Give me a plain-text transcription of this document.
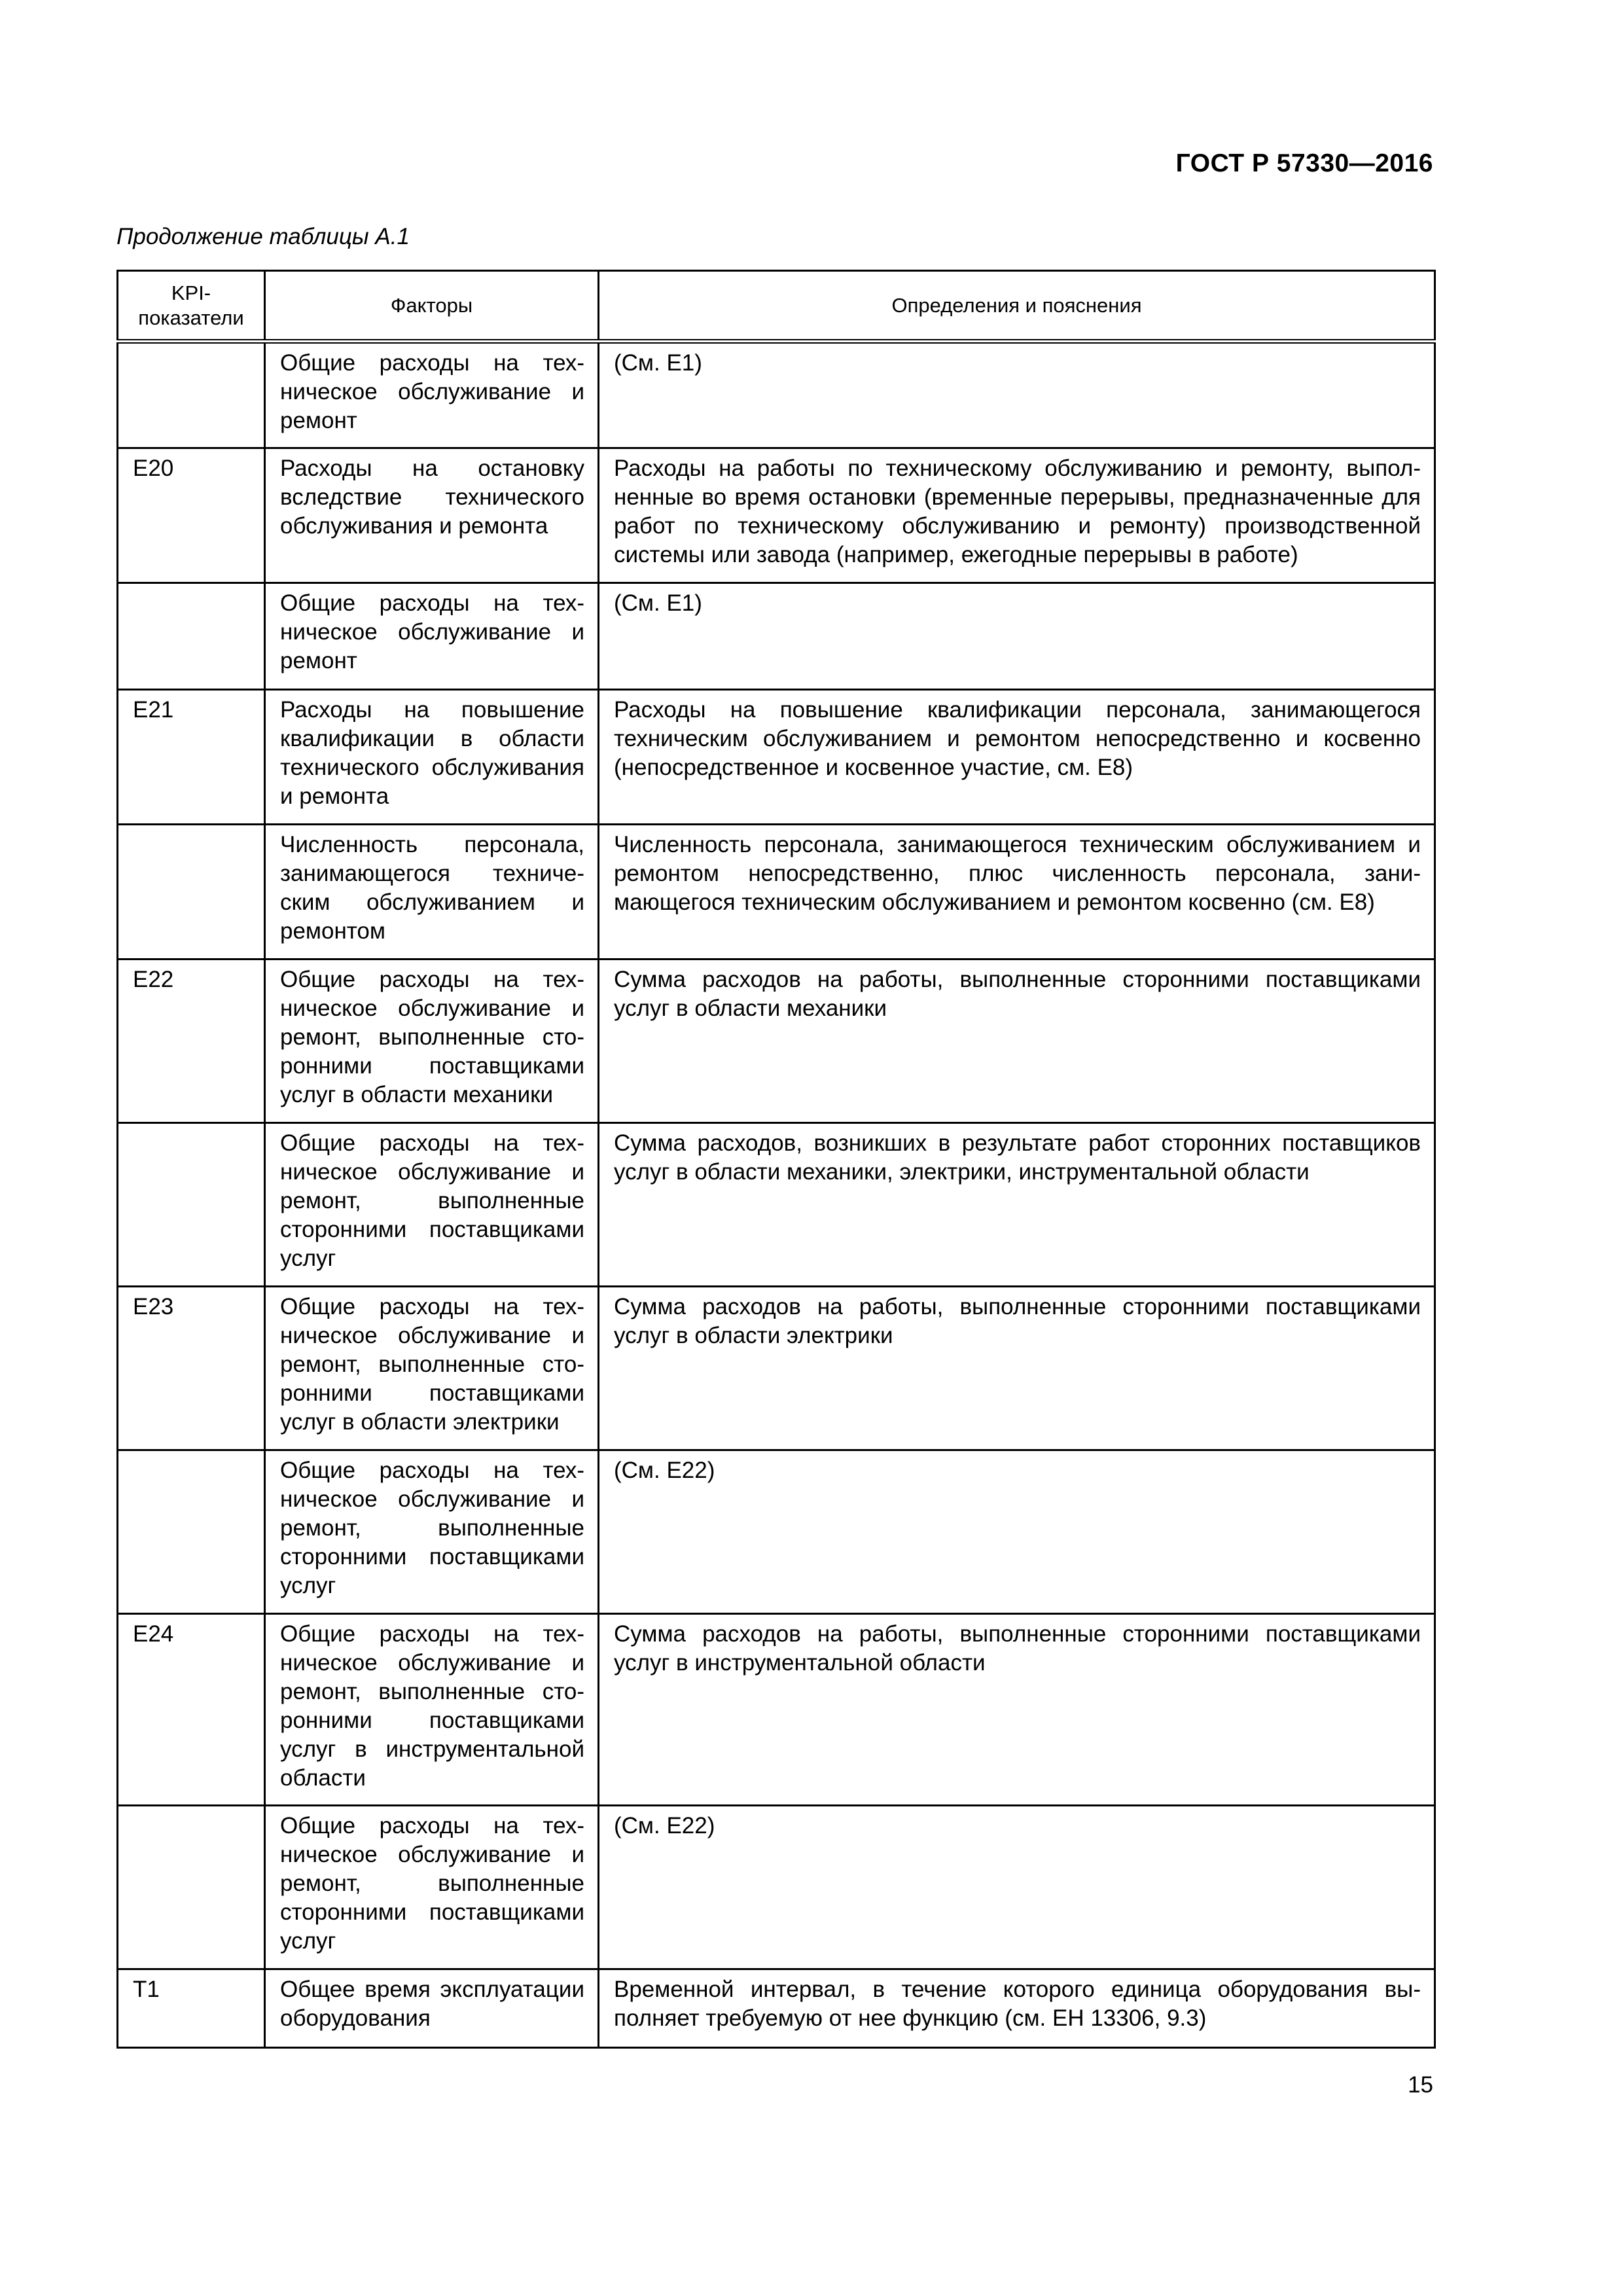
ГОСТ Р 57330—2016
Продолжение таблицы А.1
KPI-показатели	Факторы	Определения и пояснения
	Общие расходы на техническое обслуживание и ремонт	(См. Е1)
Е20	Расходы на остановку вследствие технического обслуживания и ремонта	Расходы на работы по техническому обслуживанию и ремонту, выполненные во время остановки (временные перерывы, предназначенные для работ по техническому обслуживанию и ремонту) производственной системы или завода (например, ежегодные перерывы в работе)
	Общие расходы на техническое обслуживание и ремонт	(См. Е1)
Е21	Расходы на повышение квалификации в области технического обслуживания и ремонта	Расходы на повышение квалификации персонала, занимающегося техническим обслуживанием и ремонтом непосредственно и косвенно (непосредственное и косвенное участие, см. Е8)
	Численность персонала, занимающегося техническим обслуживанием и ремонтом	Численность персонала, занимающегося техническим обслуживанием и ремонтом непосредственно, плюс численность персонала, занимающегося техническим обслуживанием и ремонтом косвенно (см. Е8)
Е22	Общие расходы на техническое обслуживание и ремонт, выполненные сторонними поставщиками услуг в области механики	Сумма расходов на работы, выполненные сторонними поставщиками услуг в области механики
	Общие расходы на техническое обслуживание и ремонт, выполненные сторонними поставщиками услуг	Сумма расходов, возникших в результате работ сторонних поставщиков услуг в области механики, электрики, инструментальной области
Е23	Общие расходы на техническое обслуживание и ремонт, выполненные сторонними поставщиками услуг в области электрики	Сумма расходов на работы, выполненные сторонними поставщиками услуг в области электрики
	Общие расходы на техническое обслуживание и ремонт, выполненные сторонними поставщиками услуг	(См. Е22)
Е24	Общие расходы на техническое обслуживание и ремонт, выполненные сторонними поставщиками услуг в инструментальной области	Сумма расходов на работы, выполненные сторонними поставщиками услуг в инструментальной области
	Общие расходы на техническое обслуживание и ремонт, выполненные сторонними поставщиками услуг	(См. Е22)
Т1	Общее время эксплуатации оборудования	Временной интервал, в течение которого единица оборудования выполняет требуемую от нее функцию (см. ЕН 13306, 9.3)
15
